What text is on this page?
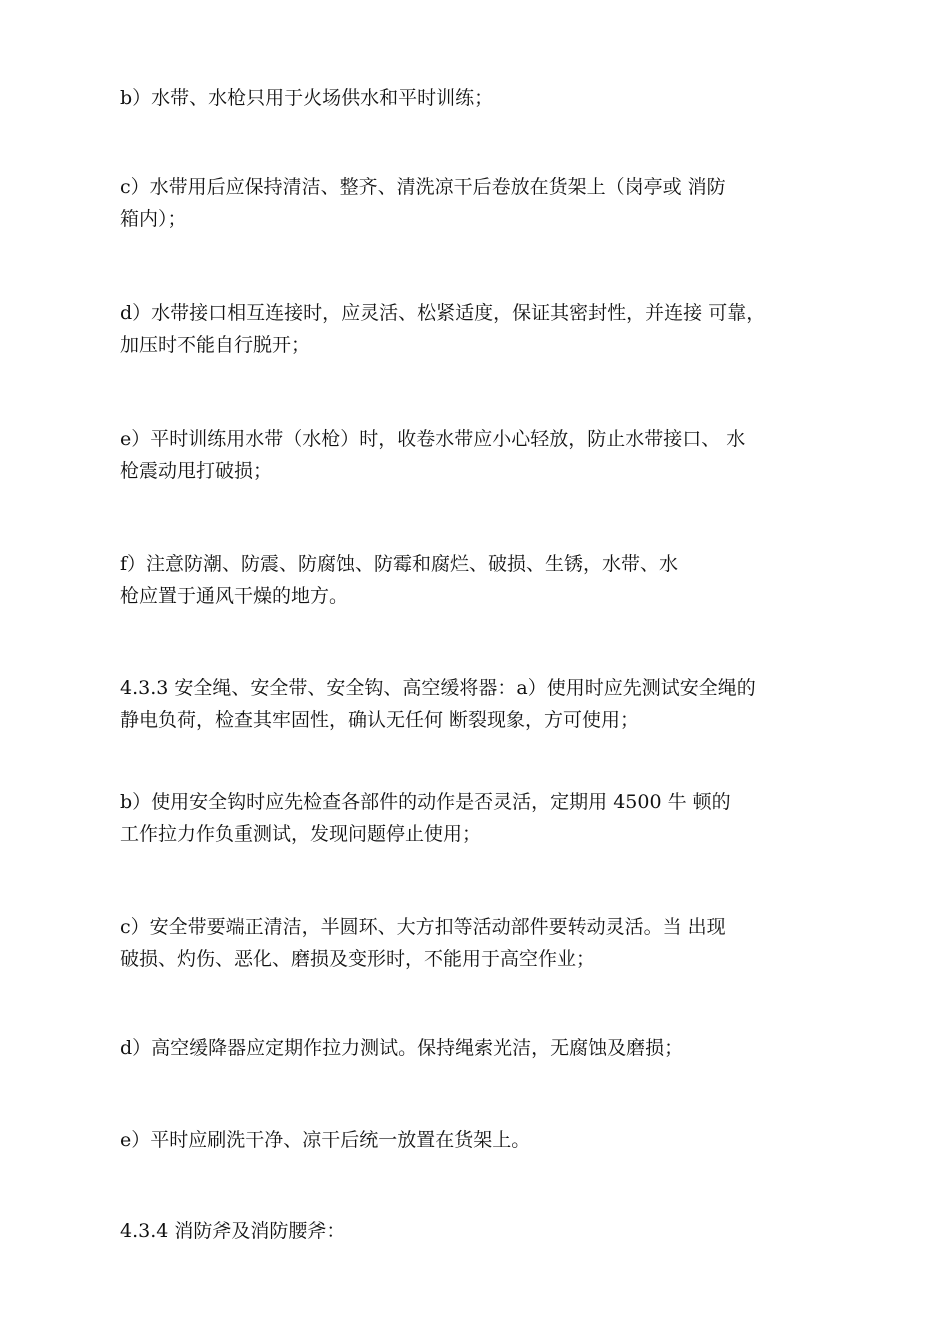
b）水带、水枪只用于火场供水和平时训练；

c）水带用后应保持清洁、整齐、清洗凉干后卷放在货架上（岗亭或 消防
箱内）；

d）水带接口相互连接时，应灵活、松紧适度，保证其密封性，并连接 可靠，
加压时不能自行脱开；

e）平时训练用水带（水枪）时，收卷水带应小心轻放，防止水带接口、 水
枪震动甩打破损；

f）注意防潮、防震、防腐蚀、防霉和腐烂、破损、生锈，水带、水
枪应置于通风干燥的地方。

4.3.3 安全绳、安全带、安全钩、高空缓将器：a）使用时应先测试安全绳的
静电负荷，检查其牢固性，确认无任何 断裂现象，方可使用；

b）使用安全钩时应先检查各部件的动作是否灵活，定期用 4500 牛 顿的
工作拉力作负重测试，发现问题停止使用；

c）安全带要端正清洁，半圆环、大方扣等活动部件要转动灵活。当 出现
破损、灼伤、恶化、磨损及变形时，不能用于高空作业；

d）高空缓降器应定期作拉力测试。保持绳索光洁，无腐蚀及磨损；

e）平时应刷洗干净、凉干后统一放置在货架上。

4.3.4 消防斧及消防腰斧：
